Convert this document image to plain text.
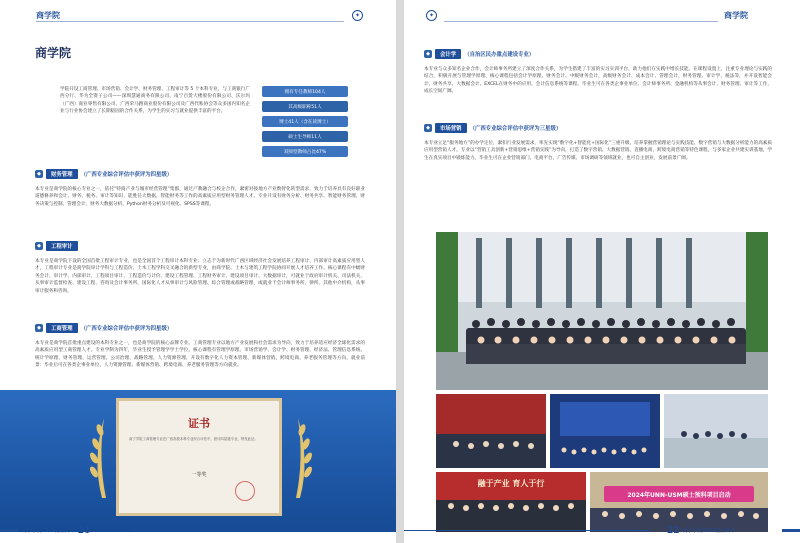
商学院	✦
商学院
学院开设工商管理、市场营销、会计学、财务管理、工程审计等 5 个本科专业，与工商银行广西分行、华为全资子公司——深圳慧通商务有限公司、南宁百货大楼股份有限公司、沃尔玛（广西）商业零售有限公司、广西荣马跑商业股份有限公司及广西代账协会等众多国内知名企业与行业协会建立了长期稳固的合作关系，为学生的实习与就业提供丰富的平台。
拥有专任教师104人
其高级职称51人
博士41人（含在读博士）
硕士生导师11人
双师型教师占比47%
◆	财务管理	（广西专业综合评估中获评为四星级）
本专业是商学院的核心专业之一，依托“特商产业与城市经营管理”集群，通过产教融合与校企合作，紧密对接地方产业数智化转型需求，致力于培养具有良好职业道德修养和会计、财务、税务、审计等知识，能胜任大数据、智能财务等工作的高素质应用型财务管理人才。专业开设有财务分析、财务共享、智能财务管理、财务决策与控制、管理会计、财务大数据分析、Python财务分析及可视化、SPSS等课程。
◆	工程审计
本专业是商学院下设的全国首批工程审计专业，也是全国首个工程审计本科专业；立志于为新时代广西区域经济社会发展培养工程审计、内部审计高素质应用型人才，工程审计专业是商学院审计学科与工程造价、土木工程学科交叉融合的新型专业，由商学院、土木与建筑工程学院协同开展人才培养工作。核心课程有中级财务会计、审计学、内部审计、工程项目审计、工程造价与计价、建设工程管理、工程财务审计、建设项目审计、大数据审计，可就业于政府审计机关、司法机关、从事审计监督检查、建设工程、咨询及会计事务所、国际化人才从事审计与风险管理、综合管理或战略管理，或就业于会计师事务所、律所、其他中介机构，从事审计服务和咨询。
◆	工商管理	（广西专业综合评估中获评为四星级）
本专业是商学院首批重点建设的本科专业之一，也是商学院的核心品牌专业。工商管理专业以地方产业发展和社会需求为导向，致力于培养适应经济全球化需求的高素质应用型工商管理人才。专业学制为四年，毕业生授予管理学学士学位。核心课程有管理学原理、市场营销学、会计学、财务管理、经济法、管理信息系统、统计学原理、财务管理、运营管理、公司治理、战略管理、人力资源管理、开设有数字化人力资本管理、新媒体营销、跨境电商、养老服务管理等方向。就业前景：毕业后可在各类企事业单位、人力资源管理、新媒体营销、跨境电商、养老服务管理等方向就业。
证书
南宁学院工商管理专业在广西高校本科专业综合评估中，获评四星级专业，特发此证。
一等奖
南宁学院2025招生简章 21
✦	商学院
◆	会计学	（自治区民办重点建设专业）
本专业与众多知名企业合作，会计师事务所建立了深度合作关系，为学生搭建了丰富的实习实训平台，助力他们在实践中增长技能。在课程设置上，注重专业理论与实践的结合，积极开展与管理学原理、核心课程包括会计学原理、财务会计、中级财务会计、高级财务会计、成本会计、管理会计、财务管理、审计学、税法等，并开设智能会计、财务共享、大数据会计、EXCEL在财务中的应用、会计信息系统等课程。毕业生可在各类企事业单位、会计师事务所、金融机构等从事会计、财务管理、审计等工作，成长空间广阔。
◆	市场营销	（广西专业综合评估中获评为三星级）
本专业立足“服务地方”的办学定位，紧扣行业发展需求，率先实现“数字化+智能化+国际化”三重升级，培养掌握营销理论与实践技能、数字营销与大数据分析能力的高素质应用型营销人才。专业以“营销工具创新+营销思维+营销实践”为导向，打造了数字营销、大数据营销、直播电商、跨境电商营销等特色课程，与多家企业共建实训基地，学生在真实项目中锻炼能力。毕业生可在企业营销部门、电商平台、广告传媒、市场调研等领域就业，也可自主创业，发展前景广阔。
融于产业 育人于行
2024年UNN-USM硕士预科项目启动
22 南宁学院2025招生简章
